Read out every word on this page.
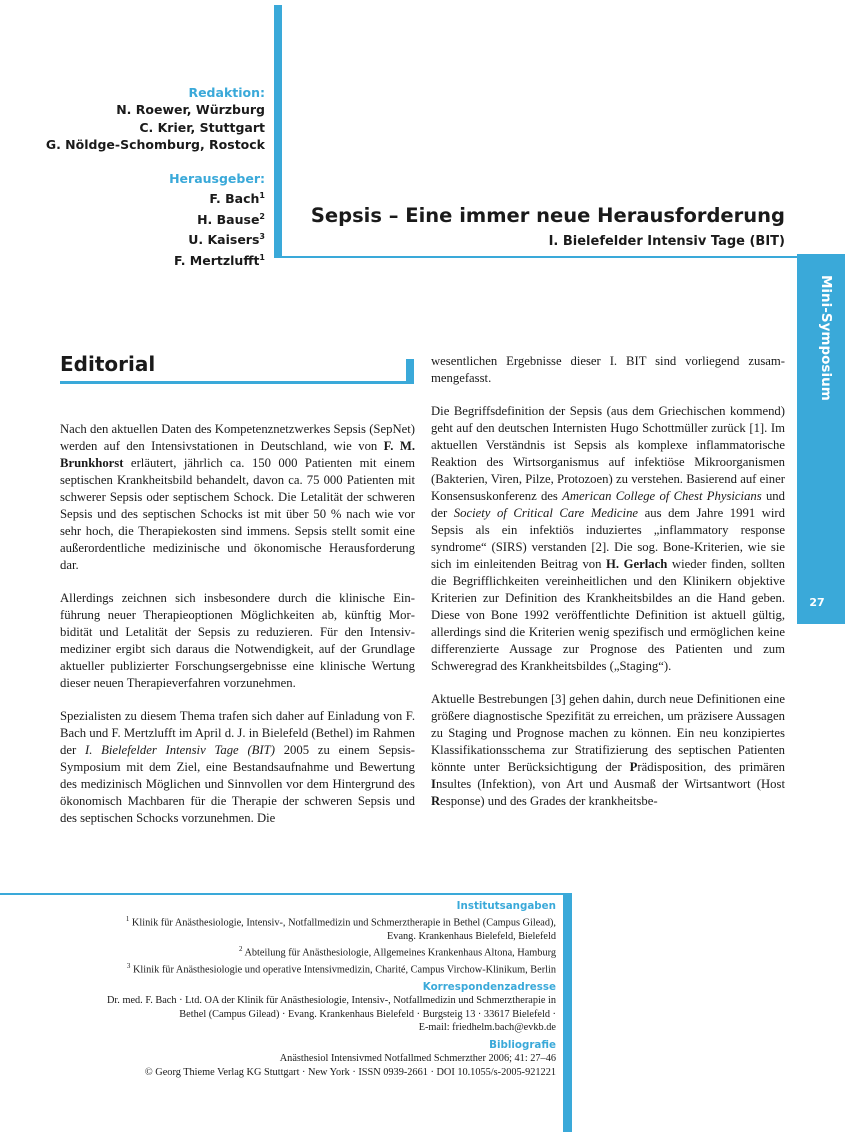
Redaktion:
N. Roewer, Würzburg
C. Krier, Stuttgart
G. Nöldge-Schomburg, Rostock
Herausgeber:
F. Bach$^1$
H. Bause$^2$
U. Kaisers$^3$
F. Mertzlufft$^1$
Sepsis – Eine immer neue Herausforderung
I. Bielefelder Intensiv Tage (BIT)
Mini-Symposium
27
Editorial

Nach den aktuellen Daten des Kompetenznetzwerkes Sepsis (SepNet) werden auf den Intensivstationen in Deutschland, wie von F. M. Brunkhorst erläutert, jährlich ca. 150 000 Patienten mit einem septischen Krankheitsbild behandelt, davon ca. 75 000 Patienten mit schwerer Sepsis oder septischem Schock. Die Letalität der schweren Sepsis und des septischen Schocks ist mit über 50 % nach wie vor sehr hoch, die Therapiekosten sind immens. Sepsis stellt somit eine außerordentliche medizinische und ökonomische Herausforderung dar.

Allerdings zeichnen sich insbesondere durch die klinische Einführung neuer Therapieoptionen Möglichkeiten ab, künftig Morbidität und Letalität der Sepsis zu reduzieren. Für den Intensivmediziner ergibt sich daraus die Notwendigkeit, auf der Grundlage aktueller publizierter Forschungsergebnisse eine klinische Wertung dieser neuen Therapieverfahren vorzunehmen.

Spezialisten zu diesem Thema trafen sich daher auf Einladung von F. Bach und F. Mertzlufft im April d. J. in Bielefeld (Bethel) im Rahmen der I. Bielefelder Intensiv Tage (BIT) 2005 zu einem Sepsis-Symposium mit dem Ziel, eine Bestandsaufnahme und Bewertung des medizinisch Möglichen und Sinnvollen vor dem Hintergrund des ökonomisch Machbaren für die Therapie der schweren Sepsis und des septischen Schocks vorzunehmen. Die

wesentlichen Ergebnisse dieser I. BIT sind vorliegend zusammengefasst.

Die Begriffsdefinition der Sepsis (aus dem Griechischen kommend) geht auf den deutschen Internisten Hugo Schottmüller zurück [1]. Im aktuellen Verständnis ist Sepsis als komplexe inflammatorische Reaktion des Wirtsorganismus auf infektiöse Mikroorganismen (Bakterien, Viren, Pilze, Protozoen) zu verstehen. Basierend auf einer Konsensuskonferenz des American College of Chest Physicians und der Society of Critical Care Medicine aus dem Jahre 1991 wird Sepsis als ein infektiös induziertes „inflammatory response syndrome“ (SIRS) verstanden [2]. Die sog. Bone-Kriterien, wie sie sich im einleitenden Beitrag von H. Gerlach wieder finden, sollten die Begrifflichkeiten vereinheitlichen und den Klinikern objektive Kriterien zur Definition des Krankheitsbildes an die Hand geben. Diese von Bone 1992 veröffentlichte Definition ist aktuell gültig, allerdings sind die Kriterien wenig spezifisch und ermöglichen keine differenzierte Aussage zur Prognose des Patienten und zum Schweregrad des Krankheitsbildes („Staging“).

Aktuelle Bestrebungen [3] gehen dahin, durch neue Definitionen eine größere diagnostische Spezifität zu erreichen, um präzisere Aussagen zu Staging und Prognose machen zu können. Ein neu konzipiertes Klassifikationsschema zur Stratifizierung des septischen Patienten könnte unter Berücksichtigung der Prädisposition, des primären Insultes (Infektion), von Art und Ausmaß der Wirtsantwort (Host Response) und des Grades der krankheitsbe-

Institutsangaben
$^1$ Klinik für Anästhesiologie, Intensiv-, Notfallmedizin und Schmerztherapie in Bethel (Campus Gilead),
Evang. Krankenhaus Bielefeld, Bielefeld
$^2$ Abteilung für Anästhesiologie, Allgemeines Krankenhaus Altona, Hamburg
$^3$ Klinik für Anästhesiologie und operative Intensivmedizin, Charité, Campus Virchow-Klinikum, Berlin
Korrespondenzadresse
Dr. med. F. Bach · Ltd. OA der Klinik für Anästhesiologie, Intensiv-, Notfallmedizin und Schmerztherapie in
Bethel (Campus Gilead) · Evang. Krankenhaus Bielefeld · Burgsteig 13 · 33617 Bielefeld ·
E-mail: friedhelm.bach@evkb.de
Bibliografie
Anästhesiol Intensivmed Notfallmed Schmerzther 2006; 41: 27–46
© Georg Thieme Verlag KG Stuttgart · New York · ISSN 0939-2661 · DOI 10.1055/s-2005-921221
